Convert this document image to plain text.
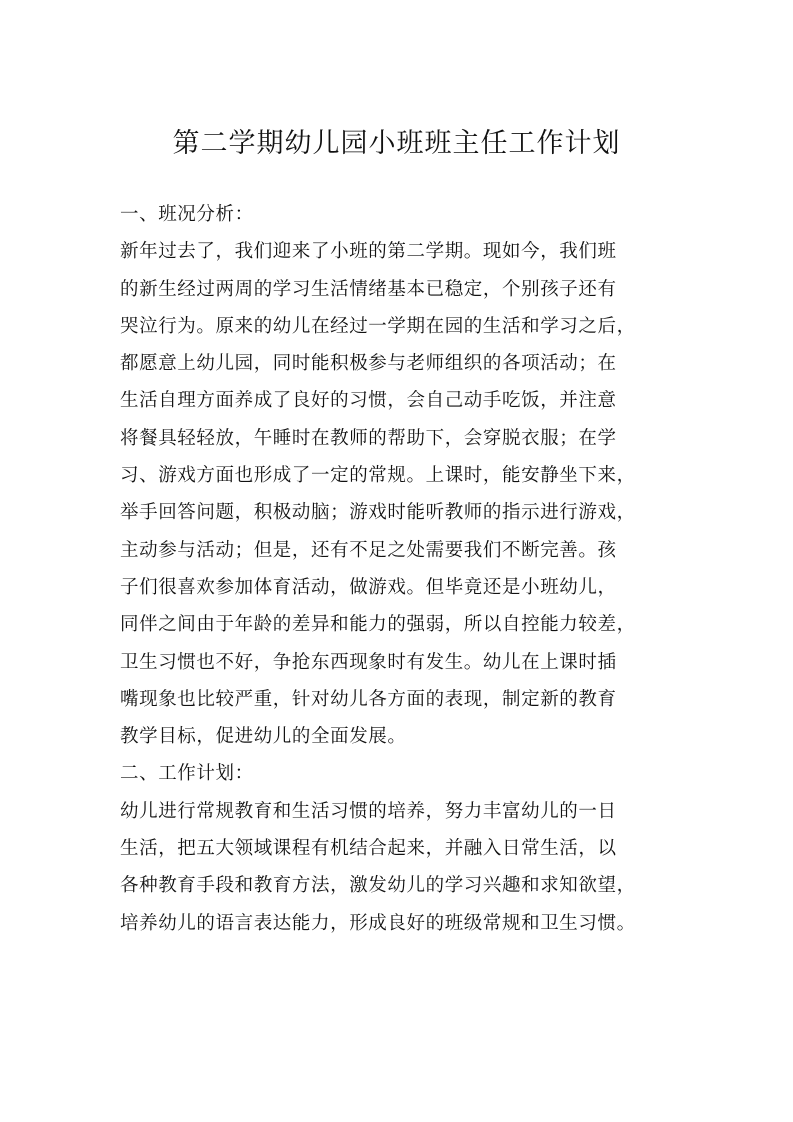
第二学期幼儿园小班班主任工作计划
一、班况分析：
新年过去了，我们迎来了小班的第二学期。现如今，我们班
的新生经过两周的学习生活情绪基本已稳定，个别孩子还有
哭泣行为。原来的幼儿在经过一学期在园的生活和学习之后，
都愿意上幼儿园，同时能积极参与老师组织的各项活动；在
生活自理方面养成了良好的习惯，会自己动手吃饭，并注意
将餐具轻轻放，午睡时在教师的帮助下，会穿脱衣服；在学
习、游戏方面也形成了一定的常规。上课时，能安静坐下来，
举手回答问题，积极动脑；游戏时能听教师的指示进行游戏，
主动参与活动；但是，还有不足之处需要我们不断完善。孩
子们很喜欢参加体育活动，做游戏。但毕竟还是小班幼儿，
同伴之间由于年龄的差异和能力的强弱，所以自控能力较差，
卫生习惯也不好，争抢东西现象时有发生。幼儿在上课时插
嘴现象也比较严重，针对幼儿各方面的表现，制定新的教育
教学目标，促进幼儿的全面发展。
二、工作计划：
幼儿进行常规教育和生活习惯的培养，努力丰富幼儿的一日
生活，把五大领域课程有机结合起来，并融入日常生活，以
各种教育手段和教育方法，激发幼儿的学习兴趣和求知欲望，
培养幼儿的语言表达能力，形成良好的班级常规和卫生习惯。
